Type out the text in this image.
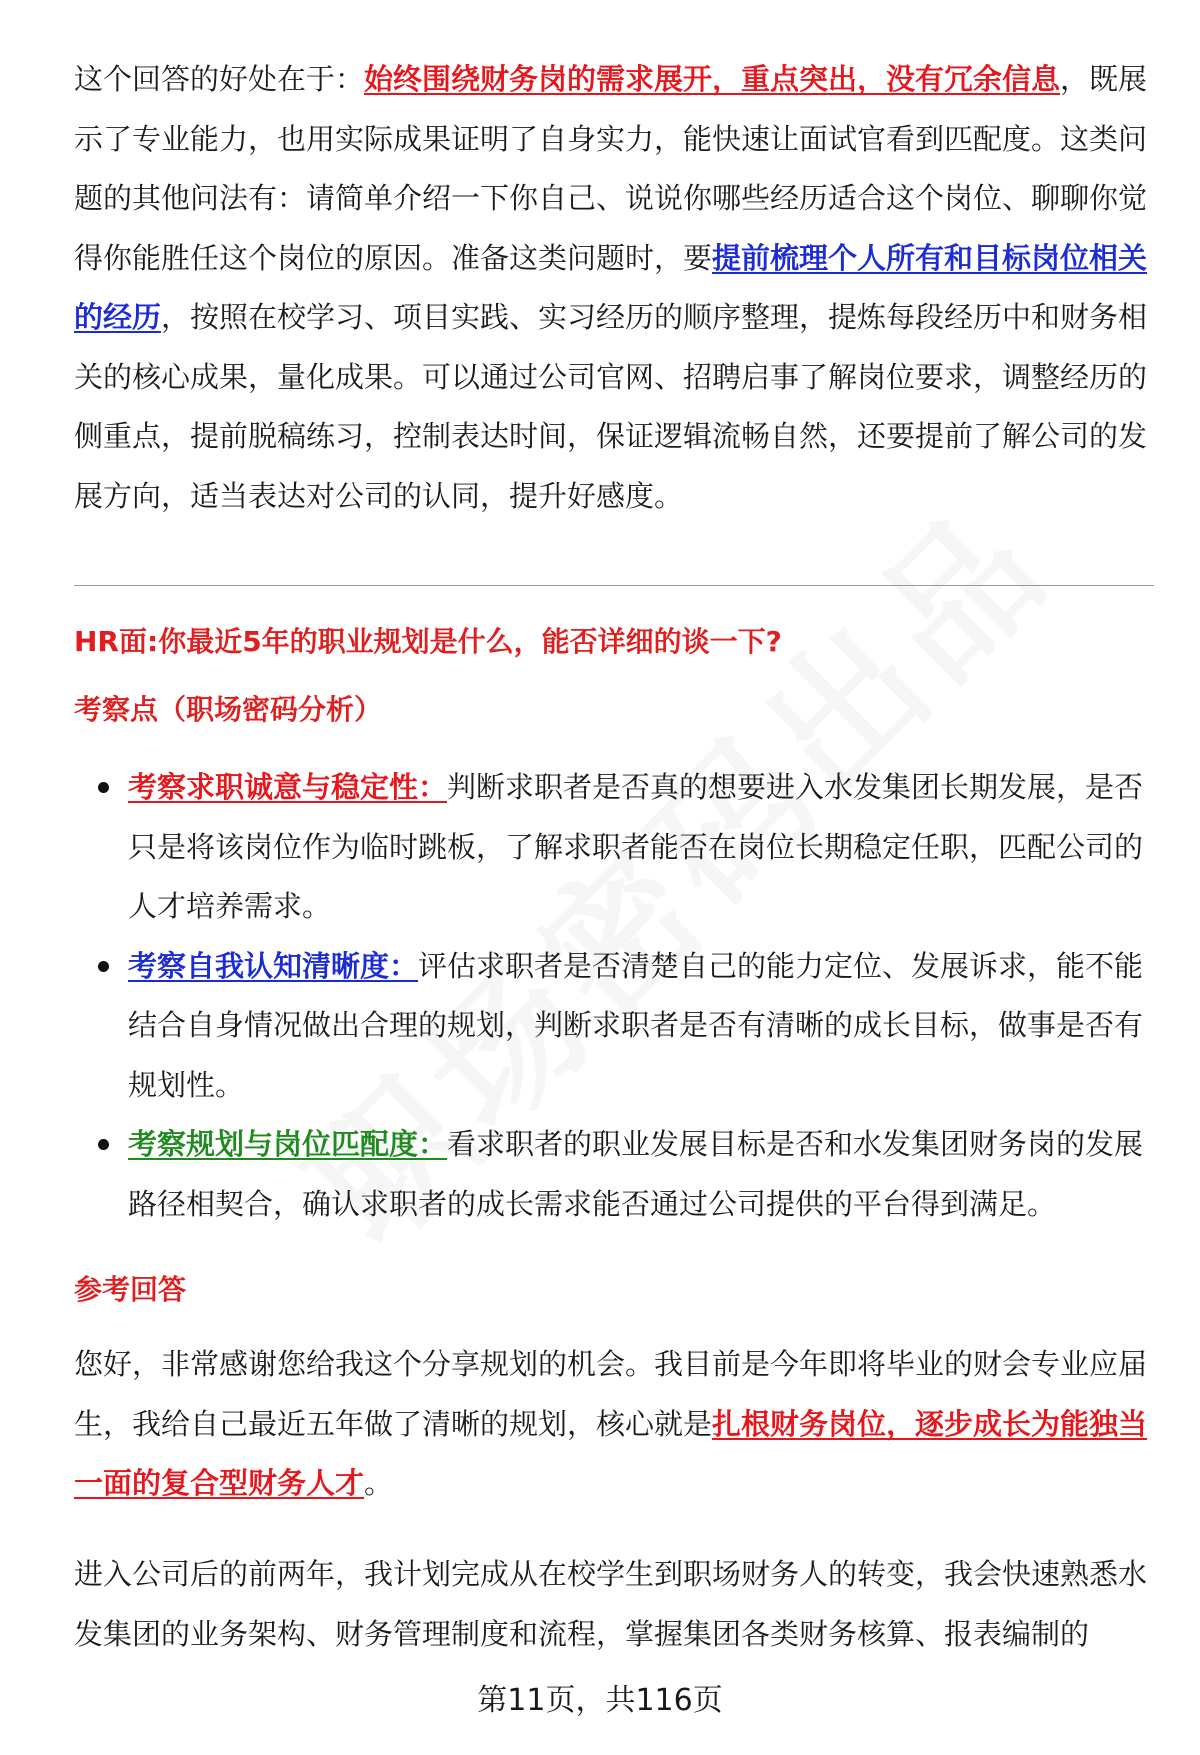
这个回答的好处在于：始终围绕财务岗的需求展开，重点突出，没有冗余信息，既展示了专业能力，也用实际成果证明了自身实力，能快速让面试官看到匹配度。这类问题的其他问法有：请简单介绍一下你自己、说说你哪些经历适合这个岗位、聊聊你觉得你能胜任这个岗位的原因。准备这类问题时，要提前梳理个人所有和目标岗位相关的经历，按照在校学习、项目实践、实习经历的顺序整理，提炼每段经历中和财务相关的核心成果，量化成果。可以通过公司官网、招聘启事了解岗位要求，调整经历的侧重点，提前脱稿练习，控制表达时间，保证逻辑流畅自然，还要提前了解公司的发展方向，适当表达对公司的认同，提升好感度。

HR面:你最近5年的职业规划是什么，能否详细的谈一下?

考察点（职场密码分析）

考察求职诚意与稳定性：判断求职者是否真的想要进入水发集团长期发展，是否只是将该岗位作为临时跳板，了解求职者能否在岗位长期稳定任职，匹配公司的人才培养需求。
考察自我认知清晰度：评估求职者是否清楚自己的能力定位、发展诉求，能不能结合自身情况做出合理的规划，判断求职者是否有清晰的成长目标，做事是否有规划性。
考察规划与岗位匹配度：看求职者的职业发展目标是否和水发集团财务岗的发展路径相契合，确认求职者的成长需求能否通过公司提供的平台得到满足。

参考回答

您好，非常感谢您给我这个分享规划的机会。我目前是今年即将毕业的财会专业应届生，我给自己最近五年做了清晰的规划，核心就是扎根财务岗位，逐步成长为能独当一面的复合型财务人才。

进入公司后的前两年，我计划完成从在校学生到职场财务人的转变，我会快速熟悉水发集团的业务架构、财务管理制度和流程，掌握集团各类财务核算、报表编制的

第11页，共116页
